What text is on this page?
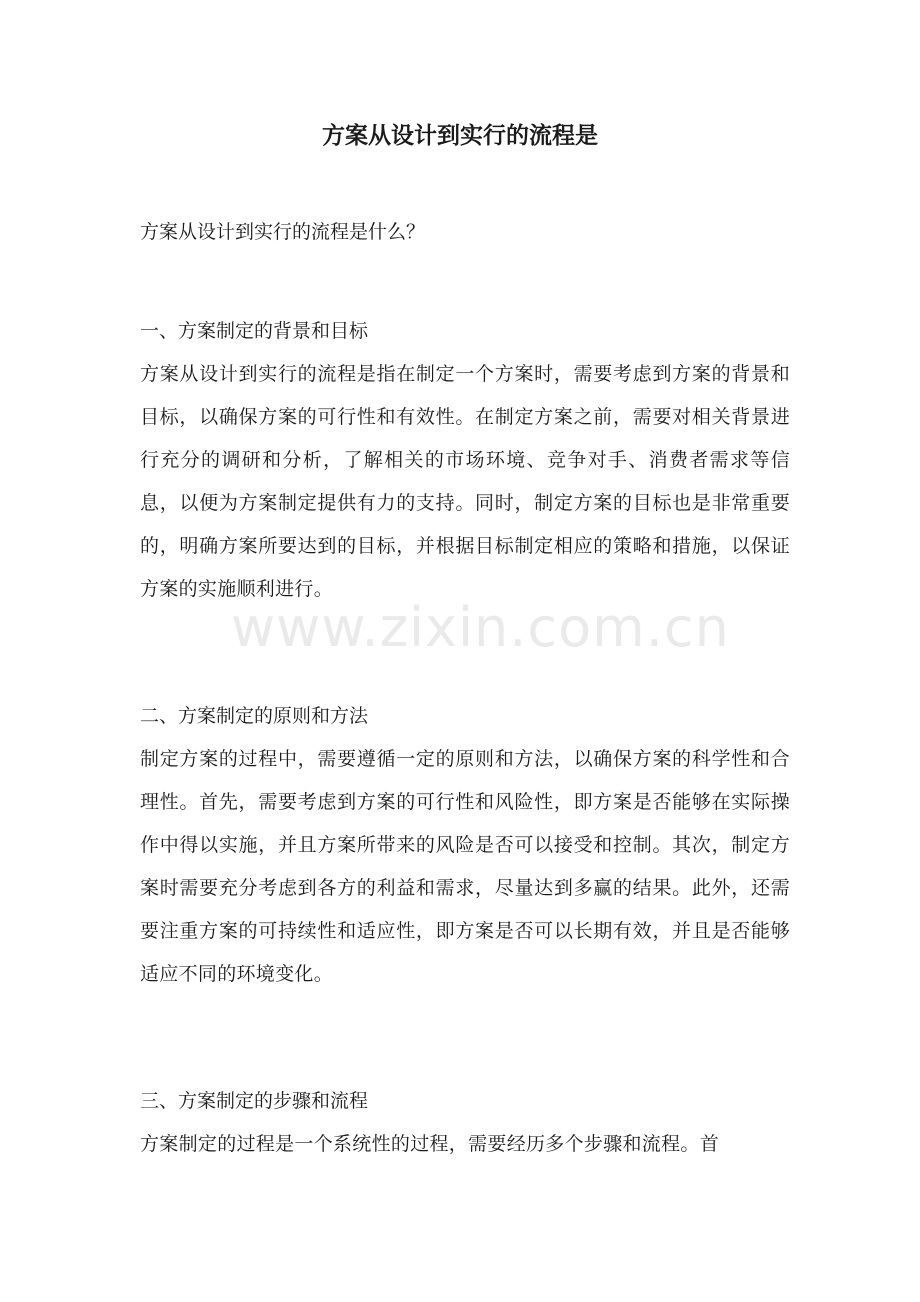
方案从设计到实行的流程是

方案从设计到实行的流程是什么？

一、方案制定的背景和目标

方案从设计到实行的流程是指在制定一个方案时，需要考虑到方案的背景和目标，以确保方案的可行性和有效性。在制定方案之前，需要对相关背景进行充分的调研和分析，了解相关的市场环境、竞争对手、消费者需求等信息，以便为方案制定提供有力的支持。同时，制定方案的目标也是非常重要的，明确方案所要达到的目标，并根据目标制定相应的策略和措施，以保证方案的实施顺利进行。

二、方案制定的原则和方法

制定方案的过程中，需要遵循一定的原则和方法，以确保方案的科学性和合理性。首先，需要考虑到方案的可行性和风险性，即方案是否能够在实际操作中得以实施，并且方案所带来的风险是否可以接受和控制。其次，制定方案时需要充分考虑到各方的利益和需求，尽量达到多赢的结果。此外，还需要注重方案的可持续性和适应性，即方案是否可以长期有效，并且是否能够适应不同的环境变化。

三、方案制定的步骤和流程

方案制定的过程是一个系统性的过程，需要经历多个步骤和流程。首

www.zixin.com.cn
